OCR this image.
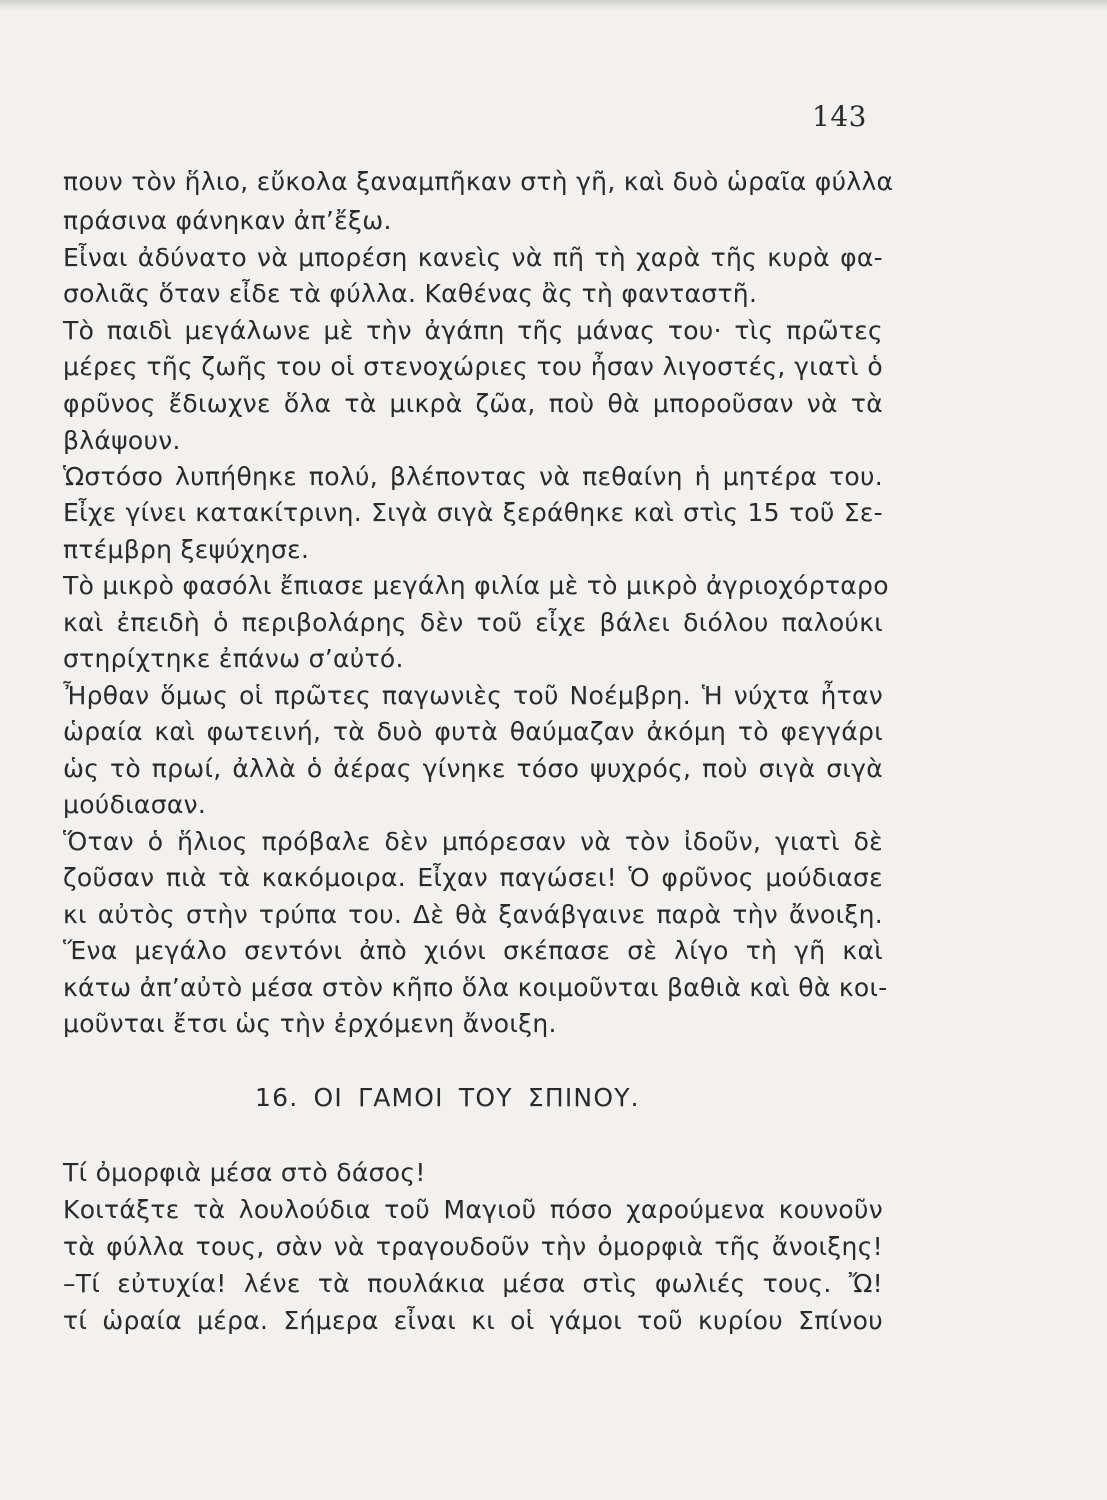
143
πουν τὸν ἥλιο, εὔκολα ξαναμπῆκαν στὴ γῆ, καὶ δυὸ ὡραῖα φύλλα
πράσινα φάνηκαν ἀπ’ἔξω.
Εἶναι ἀδύνατο νὰ μπορέση κανεὶς νὰ πῆ τὴ χαρὰ τῆς κυρὰ φα-
σολιᾶς ὅταν εἶδε τὰ φύλλα. Καθένας ἂς τὴ φανταστῆ.
Τὸ παιδὶ μεγάλωνε μὲ τὴν ἀγάπη τῆς μάνας του· τὶς πρῶτες
μέρες τῆς ζωῆς του οἱ στενοχώριες του ἦσαν λιγοστές, γιατὶ ὁ
φρῦνος ἔδιωχνε ὅλα τὰ μικρὰ ζῶα, ποὺ θὰ μποροῦσαν νὰ τὰ
βλάψουν.
Ὡστόσο λυπήθηκε πολύ, βλέποντας νὰ πεθαίνη ἡ μητέρα του.
Εἶχε γίνει κατακίτρινη. Σιγὰ σιγὰ ξεράθηκε καὶ στὶς 15 τοῦ Σε-
πτέμβρη ξεψύχησε.
Τὸ μικρὸ φασόλι ἔπιασε μεγάλη φιλία μὲ τὸ μικρὸ ἀγριοχόρταρο
καὶ ἐπειδὴ ὁ περιβολάρης δὲν τοῦ εἶχε βάλει διόλου παλούκι
στηρίχτηκε ἐπάνω σ’αὐτό.
Ἦρθαν ὅμως οἱ πρῶτες παγωνιὲς τοῦ Νοέμβρη. Ἡ νύχτα ἦταν
ὡραία καὶ φωτεινή, τὰ δυὸ φυτὰ θαύμαζαν ἀκόμη τὸ φεγγάρι
ὡς τὸ πρωί, ἀλλὰ ὁ ἀέρας γίνηκε τόσο ψυχρός, ποὺ σιγὰ σιγὰ
μούδιασαν.
Ὅταν ὁ ἥλιος πρόβαλε δὲν μπόρεσαν νὰ τὸν ἰδοῦν, γιατὶ δὲ
ζοῦσαν πιὰ τὰ κακόμοιρα. Εἶχαν παγώσει! Ὁ φρῦνος μούδιασε
κι αὐτὸς στὴν τρύπα του. Δὲ θὰ ξανάβγαινε παρὰ τὴν ἄνοιξη.
Ἕνα μεγάλο σεντόνι ἀπὸ χιόνι σκέπασε σὲ λίγο τὴ γῆ καὶ
κάτω ἀπ’αὐτὸ μέσα στὸν κῆπο ὅλα κοιμοῦνται βαθιὰ καὶ θὰ κοι-
μοῦνται ἔτσι ὡς τὴν ἐρχόμενη ἄνοιξη.
16. ΟΙ ΓΑΜΟΙ ΤΟΥ ΣΠΙΝΟΥ.
Τί ὀμορφιὰ μέσα στὸ δάσος!
Κοιτάξτε τὰ λουλούδια τοῦ Μαγιοῦ πόσο χαρούμενα κουνοῦν
τὰ φύλλα τους, σὰν νὰ τραγουδοῦν τὴν ὀμορφιὰ τῆς ἄνοιξης!
–Τί εὐτυχία! λένε τὰ πουλάκια μέσα στὶς φωλιές τους. Ὤ!
τί ὡραία μέρα. Σήμερα εἶναι κι οἱ γάμοι τοῦ κυρίου Σπίνου
